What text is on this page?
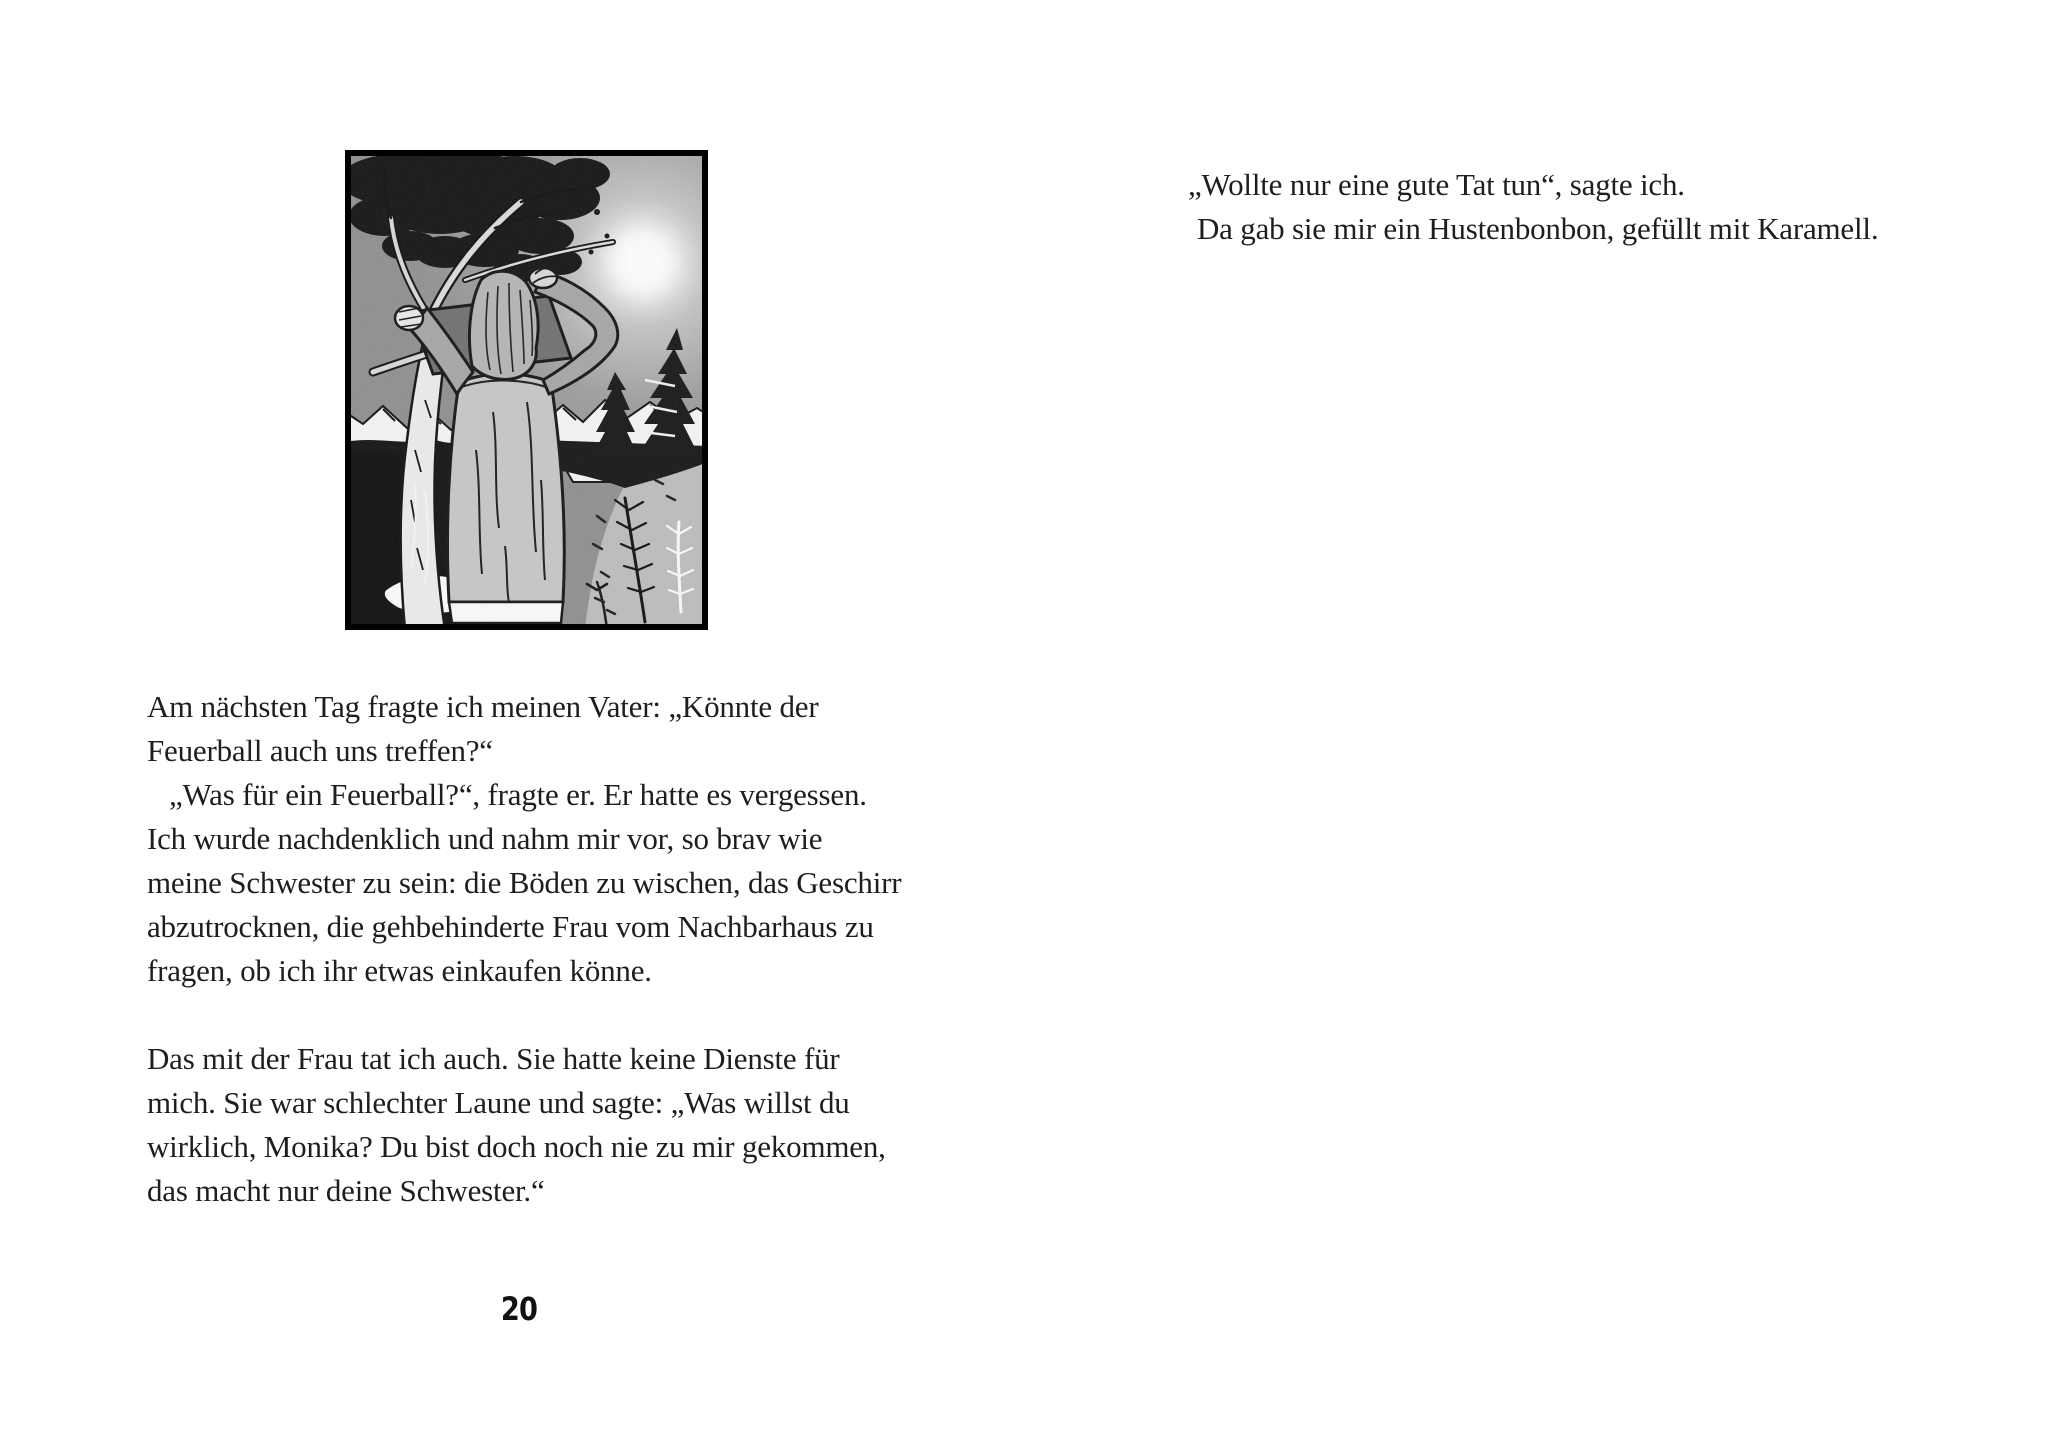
Am nächsten Tag fragte ich meinen Vater: „Könnte der
Feuerball auch uns treffen?“
„Was für ein Feuerball?“, fragte er. Er hatte es vergessen.
Ich wurde nachdenklich und nahm mir vor, so brav wie
meine Schwester zu sein: die Böden zu wischen, das Geschirr
abzutrocknen, die gehbehinderte Frau vom Nachbarhaus zu
fragen, ob ich ihr etwas einkaufen könne.
Das mit der Frau tat ich auch. Sie hatte keine Dienste für
mich. Sie war schlechter Laune und sagte: „Was willst du
wirklich, Monika? Du bist doch noch nie zu mir gekommen,
das macht nur deine Schwester.“
20
„Wollte nur eine gute Tat tun“, sagte ich.
Da gab sie mir ein Hustenbonbon, gefüllt mit Karamell.
